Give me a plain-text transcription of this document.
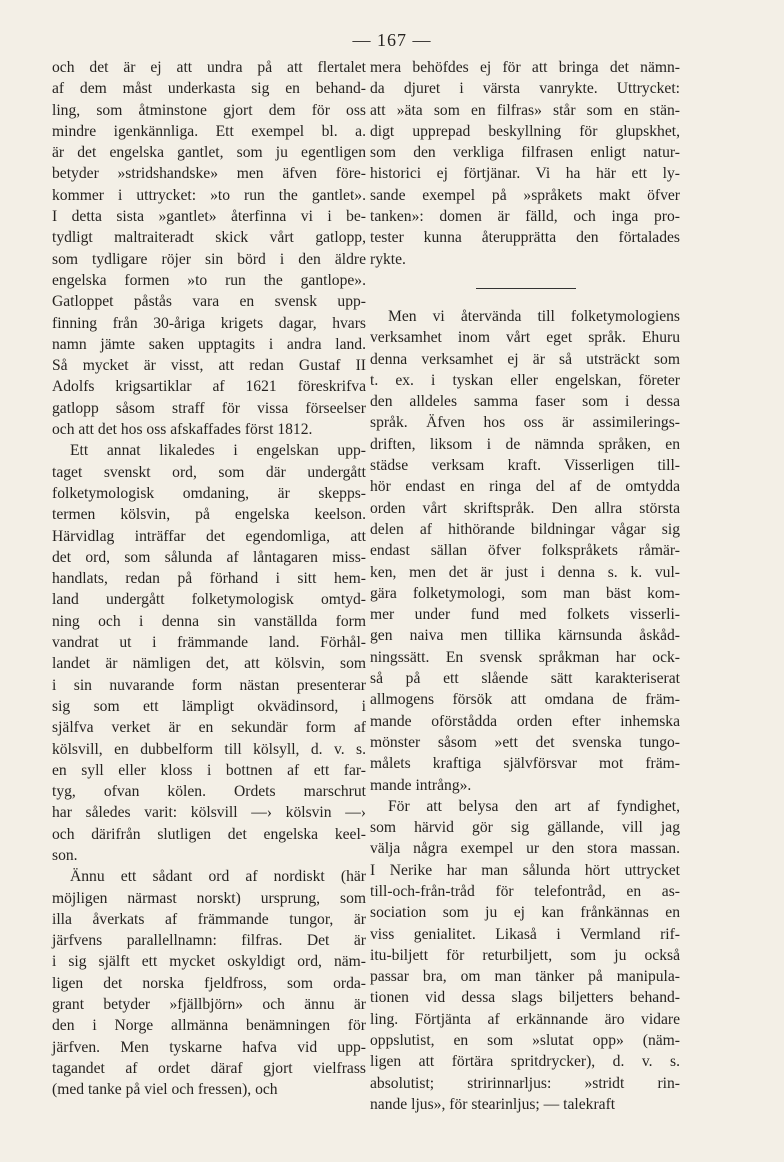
— 167 —
och det är ej att undra på att flertalet
af dem måst underkasta sig en behand-
ling, som åtminstone gjort dem för oss
mindre igenkännliga. Ett exempel bl. a.
är det engelska gantlet, som ju egentligen
betyder »stridshandske» men äfven före-
kommer i uttrycket: »to run the gantlet».
I detta sista »gantlet» återfinna vi i be-
tydligt maltraiteradt skick vårt gatlopp,
som tydligare röjer sin börd i den äldre
engelska formen »to run the gantlope».
Gatloppet påstås vara en svensk upp-
finning från 30-åriga krigets dagar, hvars
namn jämte saken upptagits i andra land.
Så mycket är visst, att redan Gustaf II
Adolfs krigsartiklar af 1621 föreskrifva
gatlopp såsom straff för vissa förseelser
och att det hos oss afskaffades först 1812.
Ett annat likaledes i engelskan upp-
taget svenskt ord, som där undergått
folketymologisk omdaning, är skepps-
termen kölsvin, på engelska keelson.
Härvidlag inträffar det egendomliga, att
det ord, som sålunda af låntagaren miss-
handlats, redan på förhand i sitt hem-
land undergått folketymologisk omtyd-
ning och i denna sin vanställda form
vandrat ut i främmande land. Förhål-
landet är nämligen det, att kölsvin, som
i sin nuvarande form nästan presenterar
sig som ett lämpligt okvädinsord, i
själfva verket är en sekundär form af
kölsvill, en dubbelform till kölsyll, d. v. s.
en syll eller kloss i bottnen af ett far-
tyg, ofvan kölen. Ordets marschrut
har således varit: kölsvill —› kölsvin —›
och därifrån slutligen det engelska keel-
son.
Ännu ett sådant ord af nordiskt (här
möjligen närmast norskt) ursprung, som
illa åverkats af främmande tungor, är
järfvens parallellnamn: filfras. Det är
i sig själft ett mycket oskyldigt ord, näm-
ligen det norska fjeldfross, som orda-
grant betyder »fjällbjörn» och ännu är
den i Norge allmänna benämningen för
järfven. Men tyskarne hafva vid upp-
tagandet af ordet däraf gjort vielfrass
(med tanke på viel och fressen), och
mera behöfdes ej för att bringa det nämn-
da djuret i värsta vanrykte. Uttrycket:
att »äta som en filfras» står som en stän-
digt upprepad beskyllning för glupskhet,
som den verkliga filfrasen enligt natur-
historici ej förtjänar. Vi ha här ett ly-
sande exempel på »språkets makt öfver
tanken»: domen är fälld, och inga pro-
tester kunna återupprätta den förtalades
rykte.
Men vi återvända till folketymologiens
verksamhet inom vårt eget språk. Ehuru
denna verksamhet ej är så utsträckt som
t. ex. i tyskan eller engelskan, företer
den alldeles samma faser som i dessa
språk. Äfven hos oss är assimilerings-
driften, liksom i de nämnda språken, en
städse verksam kraft. Visserligen till-
hör endast en ringa del af de omtydda
orden vårt skriftspråk. Den allra största
delen af hithörande bildningar vågar sig
endast sällan öfver folkspråkets råmär-
ken, men det är just i denna s. k. vul-
gära folketymologi, som man bäst kom-
mer under fund med folkets visserli-
gen naiva men tillika kärnsunda åskåd-
ningssätt. En svensk språkman har ock-
så på ett slående sätt karakteriserat
allmogens försök att omdana de främ-
mande oförstådda orden efter inhemska
mönster såsom »ett det svenska tungo-
målets kraftiga självförsvar mot främ-
mande intrång».
För att belysa den art af fyndighet,
som härvid gör sig gällande, vill jag
välja några exempel ur den stora massan.
I Nerike har man sålunda hört uttrycket
till-och-från-tråd för telefontråd, en as-
sociation som ju ej kan frånkännas en
viss genialitet. Likaså i Vermland rif-
itu-biljett för returbiljett, som ju också
passar bra, om man tänker på manipula-
tionen vid dessa slags biljetters behand-
ling. Förtjänta af erkännande äro vidare
oppslutist, en som »slutat opp» (näm-
ligen att förtära spritdrycker), d. v. s.
absolutist; stririnnarljus: »stridt rin-
nande ljus», för stearinljus; — talekraft
